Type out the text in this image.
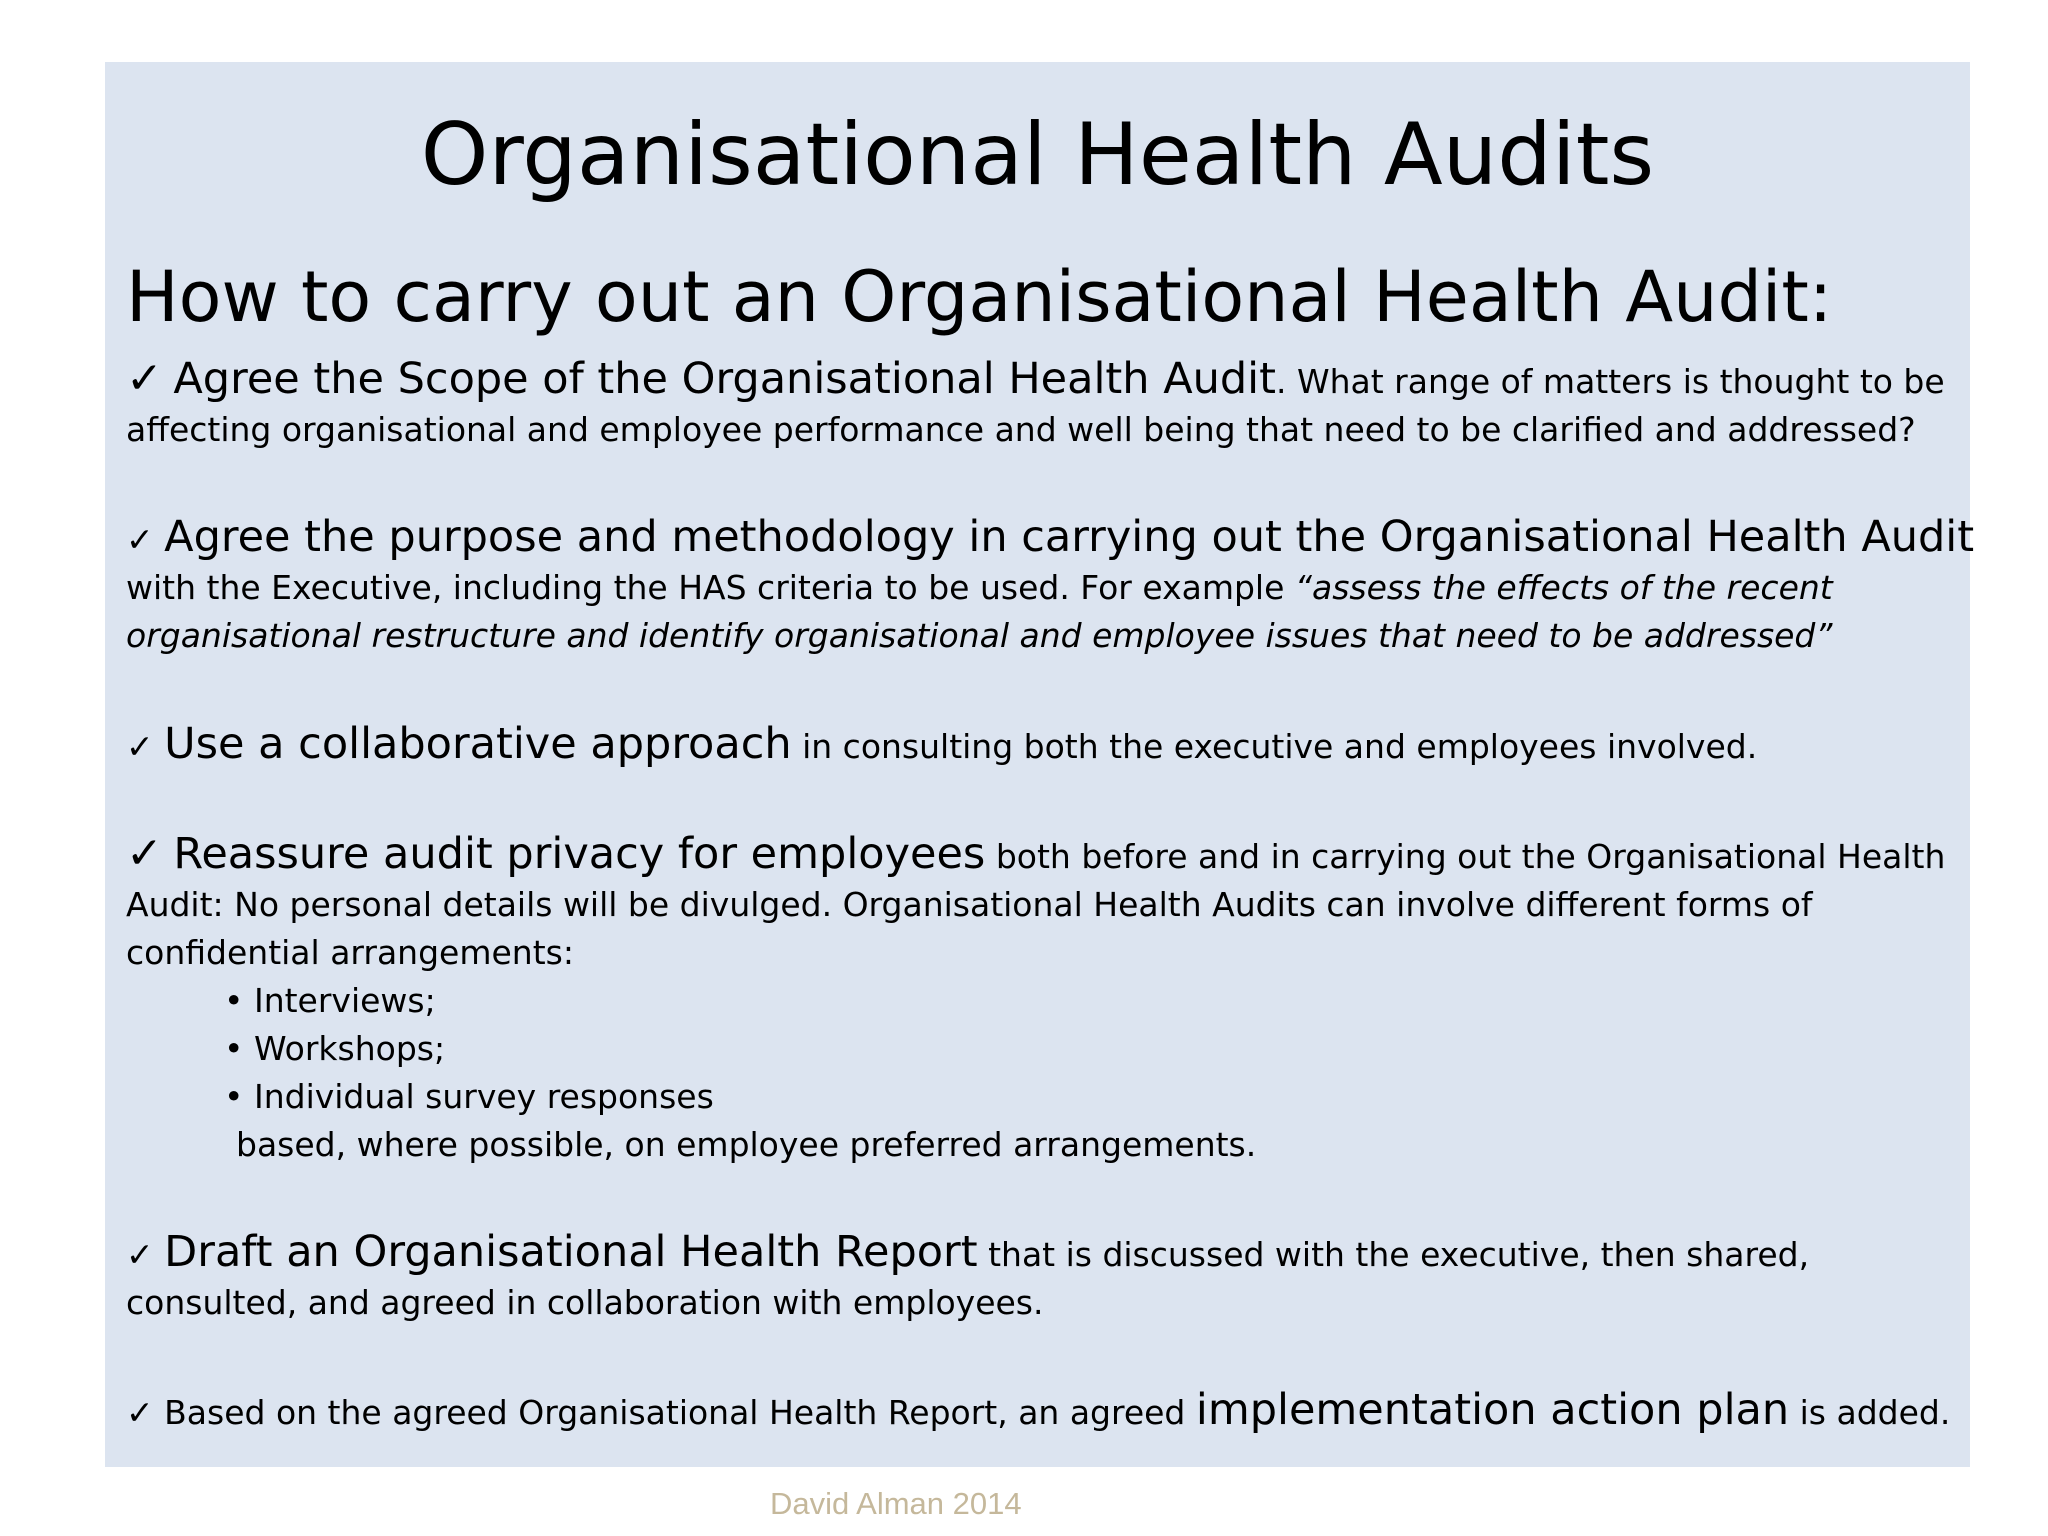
Organisational Health Audits
How to carry out an Organisational Health Audit:
✓ Agree the Scope of the Organisational Health Audit. What range of matters is thought to be
affecting organisational and employee performance and well being that need to be clarified and addressed?
✓ Agree the purpose and methodology in carrying out the Organisational Health Audit
with the Executive, including the HAS criteria to be used. For example “assess the effects of the recent
organisational restructure and identify organisational and employee issues that need to be addressed”
✓ Use a collaborative approach in consulting both the executive and employees involved.
✓ Reassure audit privacy for employees both before and in carrying out the Organisational Health
Audit: No personal details will be divulged. Organisational Health Audits can involve different forms of
confidential arrangements:
• Interviews;
• Workshops;
• Individual survey responses
based, where possible, on employee preferred arrangements.
✓ Draft an Organisational Health Report that is discussed with the executive, then shared,
consulted, and agreed in collaboration with employees.
✓ Based on the agreed Organisational Health Report, an agreed implementation action plan is added.
David Alman 2014
